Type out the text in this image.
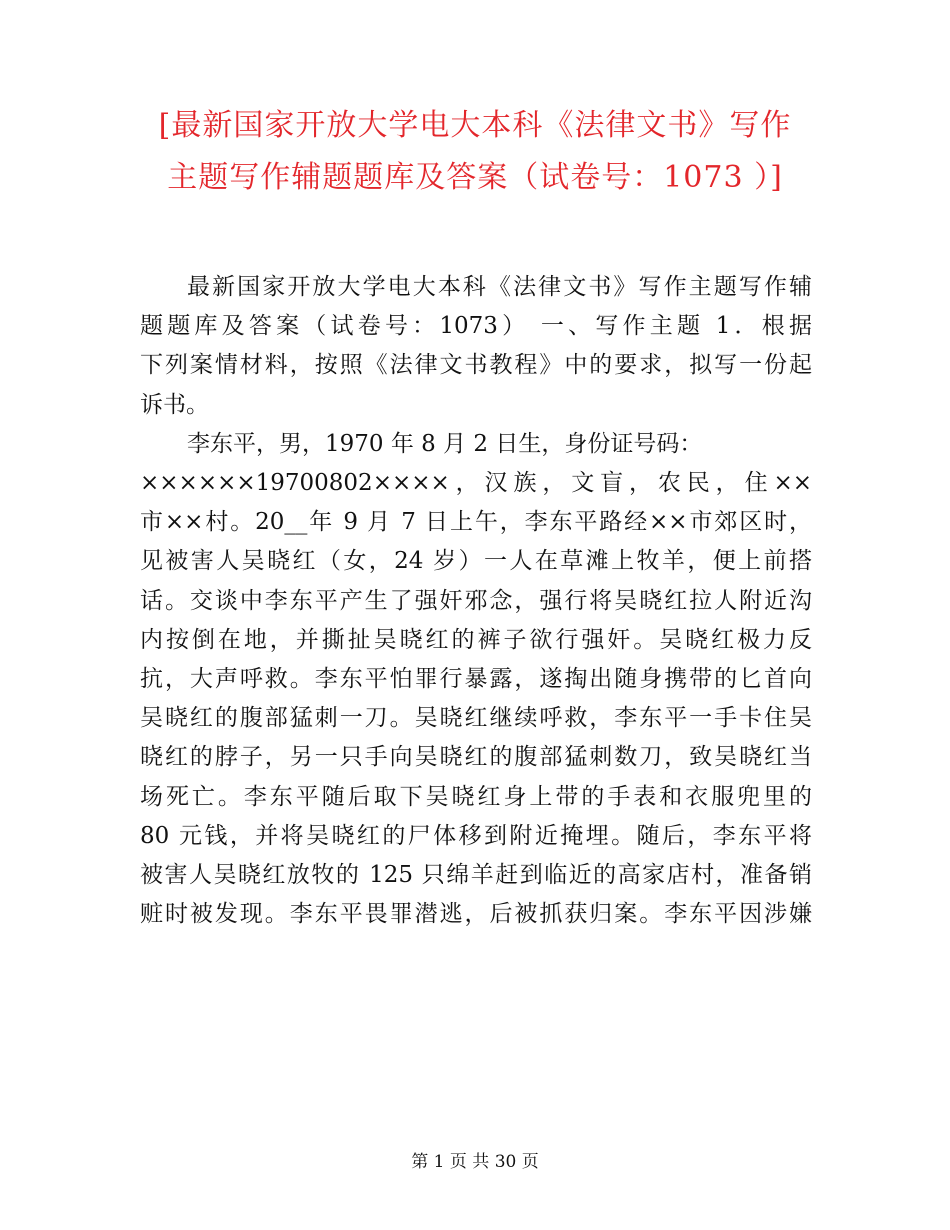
[最新国家开放大学电大本科《法律文书》写作
主题写作辅题题库及答案（试卷号：1073 ）]
最新国家开放大学电大本科《法律文书》写作主题写作辅
题题库及答案（试卷号：1073） 一、写作主题 1．根据
下列案情材料，按照《法律文书教程》中的要求，拟写一份起
诉书。
李东平，男，1970 年 8 月 2 日生，身份证号码：
××××××19700802××××，汉族，文盲，农民，住××
市××村。20__年 9 月 7 日上午，李东平路经××市郊区时，
见被害人吴晓红（女，24 岁）一人在草滩上牧羊，便上前搭
话。交谈中李东平产生了强奸邪念，强行将吴晓红拉人附近沟
内按倒在地，并撕扯吴晓红的裤子欲行强奸。吴晓红极力反
抗，大声呼救。李东平怕罪行暴露，遂掏出随身携带的匕首向
吴晓红的腹部猛刺一刀。吴晓红继续呼救，李东平一手卡住吴
晓红的脖子，另一只手向吴晓红的腹部猛刺数刀，致吴晓红当
场死亡。李东平随后取下吴晓红身上带的手表和衣服兜里的
80 元钱，并将吴晓红的尸体移到附近掩埋。随后，李东平将
被害人吴晓红放牧的 125 只绵羊赶到临近的高家店村，准备销
赃时被发现。李东平畏罪潜逃，后被抓获归案。李东平因涉嫌
第 1 页 共 30 页
